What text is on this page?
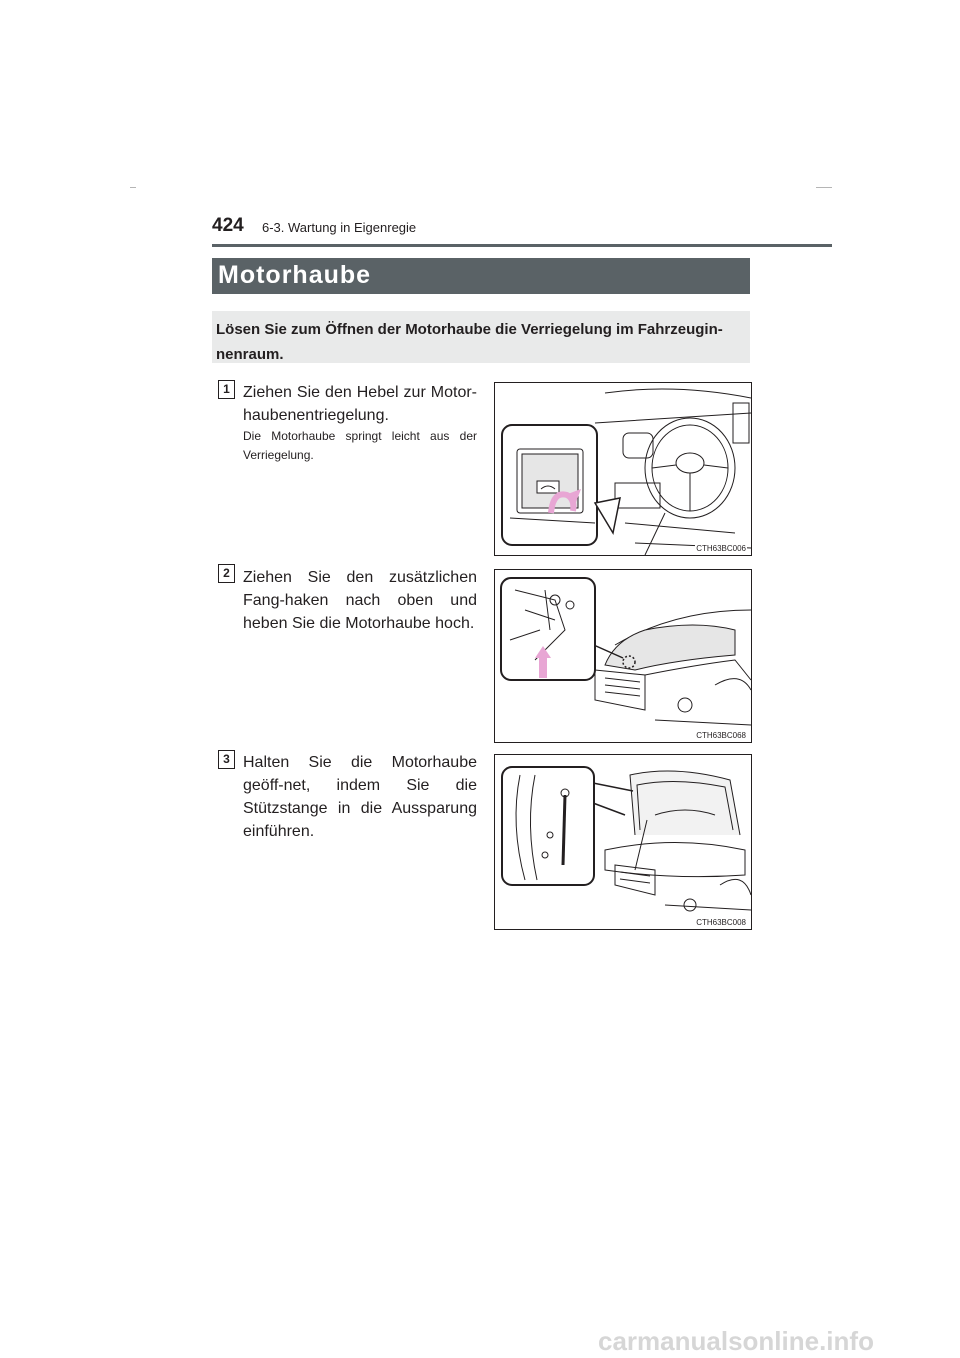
424 6-3. Wartung in Eigenregie
Motorhaube
Lösen Sie zum Öffnen der Motorhaube die Verriegelung im Fahrzeugin-nenraum.
1 Ziehen Sie den Hebel zur Motor-haubenentriegelung.
Die Motorhaube springt leicht aus der Verriegelung.
CTH63BC006
2 Ziehen Sie den zusätzlichen Fang-haken nach oben und heben Sie die Motorhaube hoch.
CTH63BC068
3 Halten Sie die Motorhaube geöff-net, indem Sie die Stützstange in die Aussparung einführen.
CTH63BC008
carmanualsonline.info
